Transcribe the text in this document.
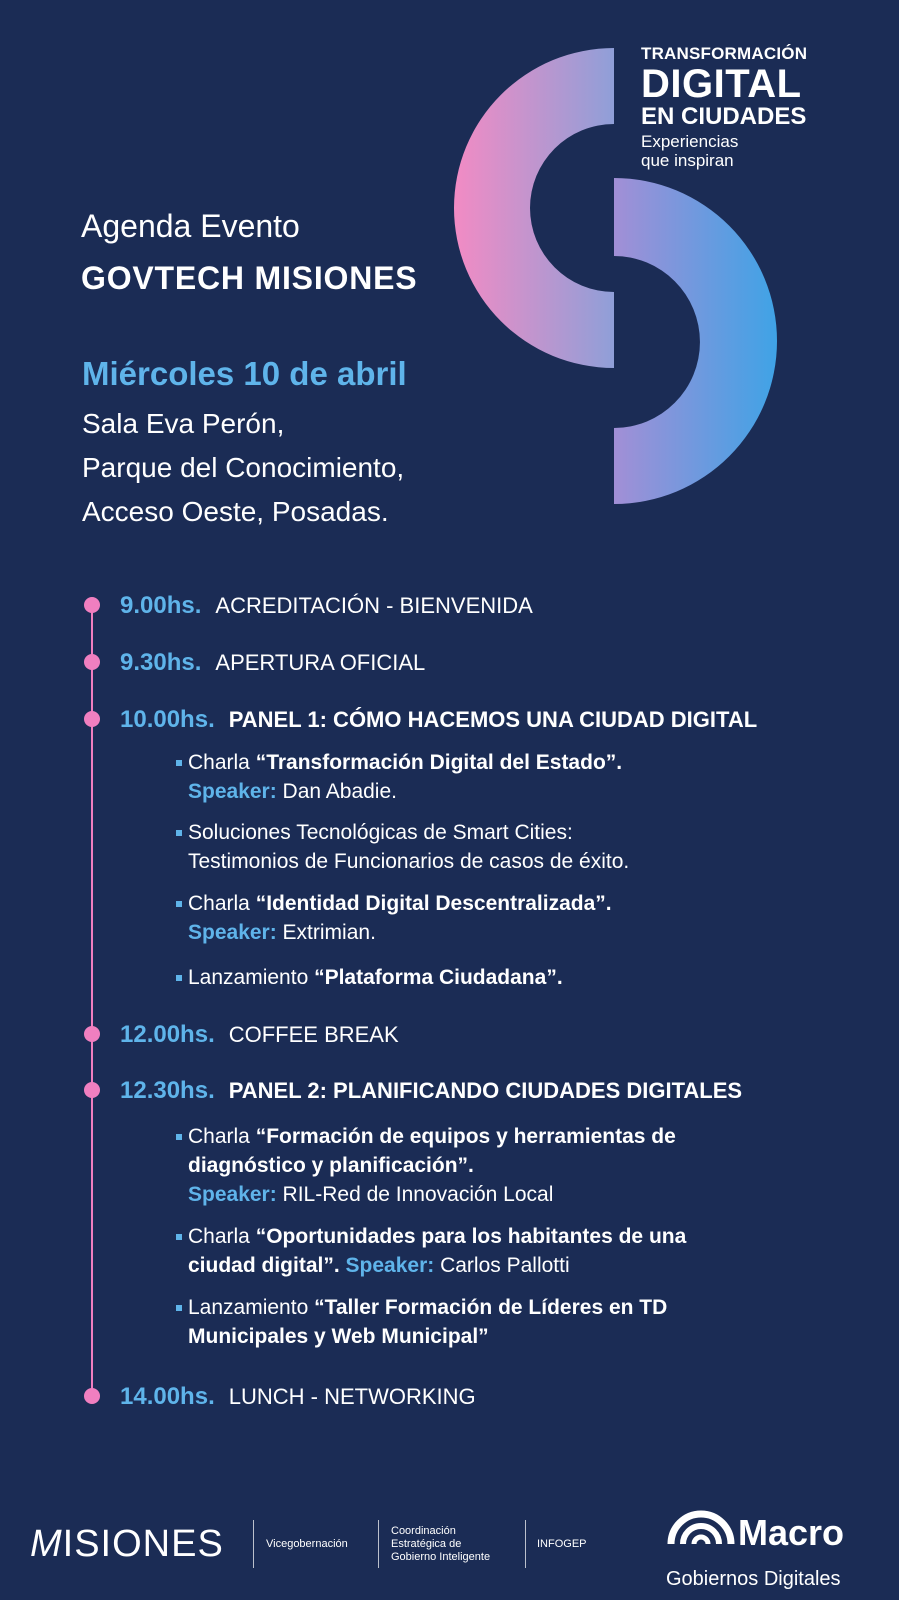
TRANSFORMACIÓN
DIGITAL
EN CIUDADES
Experiencias
que inspiran
Agenda Evento
GOVTECH MISIONES
Miércoles 10 de abril
Sala Eva Perón,
Parque del Conocimiento,
Acceso Oeste, Posadas.
9.00hs. ACREDITACIÓN - BIENVENIDA
9.30hs. APERTURA OFICIAL
10.00hs. PANEL 1: CÓMO HACEMOS UNA CIUDAD DIGITAL
Charla “Transformación Digital del Estado”.
Speaker: Dan Abadie.
Soluciones Tecnológicas de Smart Cities:
Testimonios de Funcionarios de casos de éxito.
Charla “Identidad Digital Descentralizada”.
Speaker: Extrimian.
Lanzamiento “Plataforma Ciudadana”.
12.00hs. COFFEE BREAK
12.30hs. PANEL 2: PLANIFICANDO CIUDADES DIGITALES
Charla “Formación de equipos y herramientas de
diagnóstico y planificación”.
Speaker: RIL-Red de Innovación Local
Charla “Oportunidades para los habitantes de una
ciudad digital”. Speaker: Carlos Pallotti
Lanzamiento “Taller Formación de Líderes en TD
Municipales y Web Municipal”
14.00hs. LUNCH - NETWORKING
MISIONES	Vicegobernación
Coordinación
Estratégica de
Gobierno Inteligente
INFOGEP	Macro
Gobiernos Digitales
